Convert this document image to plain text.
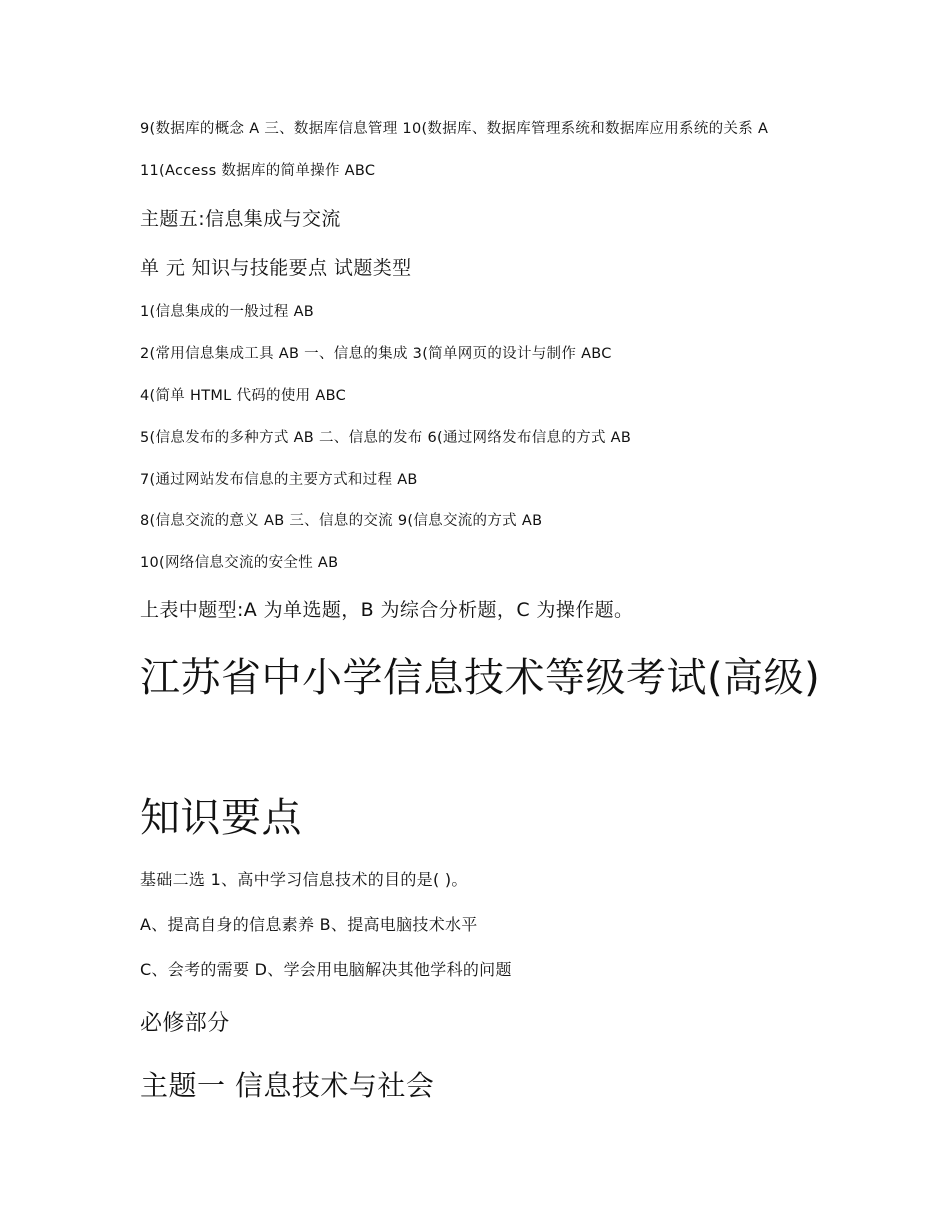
9(数据库的概念 A 三、数据库信息管理 10(数据库、数据库管理系统和数据库应用系统的关系 A

11(Access 数据库的简单操作 ABC

主题五:信息集成与交流

单 元 知识与技能要点 试题类型

1(信息集成的一般过程 AB

2(常用信息集成工具 AB 一、信息的集成 3(简单网页的设计与制作 ABC

4(简单 HTML 代码的使用 ABC

5(信息发布的多种方式 AB 二、信息的发布 6(通过网络发布信息的方式 AB

7(通过网站发布信息的主要方式和过程 AB

8(信息交流的意义 AB 三、信息的交流 9(信息交流的方式 AB

10(网络信息交流的安全性 AB

上表中题型:A 为单选题，B 为综合分析题，C 为操作题。

江苏省中小学信息技术等级考试(高级)
知识要点

基础二选 1、高中学习信息技术的目的是( )。

A、提高自身的信息素养 B、提高电脑技术水平

C、会考的需要 D、学会用电脑解决其他学科的问题

必修部分

主题一 信息技术与社会
